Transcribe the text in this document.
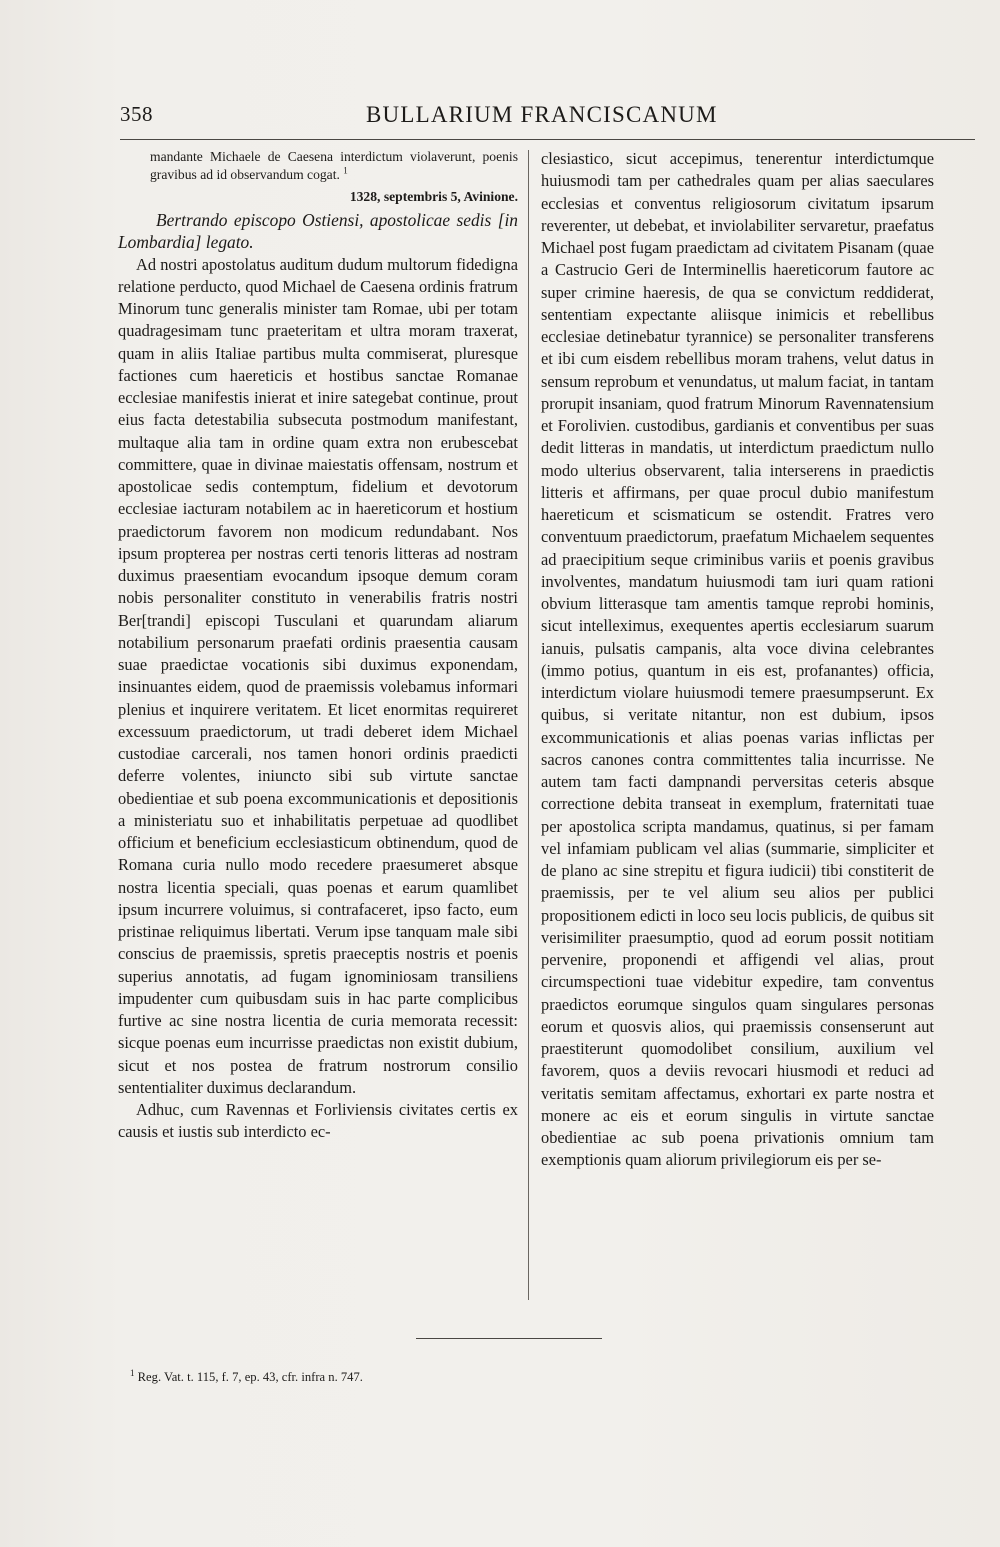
358	BULLARIUM FRANCISCANUM

mandante Michaele de Caesena interdictum violaverunt, poenis gravibus ad id observandum cogat. $^1$

1328, septembris 5, Avinione.

Bertrando episcopo Ostiensi, apostolicae sedis [in Lombardia] legato.

Ad nostri apostolatus auditum dudum multorum fidedigna relatione perducto, quod Michael de Caesena ordinis fratrum Minorum tunc generalis minister tam Romae, ubi per totam quadragesimam tunc praeteritam et ultra moram traxerat, quam in aliis Italiae partibus multa commiserat, pluresque factiones cum haereticis et hostibus sanctae Romanae ecclesiae manifestis inierat et inire sategebat continue, prout eius facta detestabilia subsecuta postmodum manifestant, multaque alia tam in ordine quam extra non erubescebat committere, quae in divinae maiestatis offensam, nostrum et apostolicae sedis contemptum, fidelium et devotorum ecclesiae iacturam notabilem ac in haereticorum et hostium praedictorum favorem non modicum redundabant. Nos ipsum propterea per nostras certi tenoris litteras ad nostram duximus praesentiam evocandum ipsoque demum coram nobis personaliter constituto in venerabilis fratris nostri Ber[trandi] episcopi Tusculani et quarundam aliarum notabilium personarum praefati ordinis praesentia causam suae praedictae vocationis sibi duximus exponendam, insinuantes eidem, quod de praemissis volebamus informari plenius et inquirere veritatem. Et licet enormitas requireret excessuum praedictorum, ut tradi deberet idem Michael custodiae carcerali, nos tamen honori ordinis praedicti deferre volentes, iniuncto sibi sub virtute sanctae obedientiae et sub poena excommunicationis et depositionis a ministeriatu suo et inhabilitatis perpetuae ad quodlibet officium et beneficium ecclesiasticum obtinendum, quod de Romana curia nullo modo recedere praesumeret absque nostra licentia speciali, quas poenas et earum quamlibet ipsum incurrere voluimus, si contrafaceret, ipso facto, eum pristinae reliquimus libertati. Verum ipse tanquam male sibi conscius de praemissis, spretis praeceptis nostris et poenis superius annotatis, ad fugam ignominiosam transiliens impudenter cum quibusdam suis in hac parte complicibus furtive ac sine nostra licentia de curia memorata recessit: sicque poenas eum incurrisse praedictas non existit dubium, sicut et nos postea de fratrum nostrorum consilio sententialiter duximus declarandum.

Adhuc, cum Ravennas et Forliviensis civitates certis ex causis et iustis sub interdicto ec-

clesiastico, sicut accepimus, tenerentur interdictumque huiusmodi tam per cathedrales quam per alias saeculares ecclesias et conventus religiosorum civitatum ipsarum reverenter, ut debebat, et inviolabiliter servaretur, praefatus Michael post fugam praedictam ad civitatem Pisanam (quae a Castrucio Geri de Interminellis haereticorum fautore ac super crimine haeresis, de qua se convictum reddiderat, sententiam expectante aliisque inimicis et rebellibus ecclesiae detinebatur tyrannice) se personaliter transferens et ibi cum eisdem rebellibus moram trahens, velut datus in sensum reprobum et venundatus, ut malum faciat, in tantam prorupit insaniam, quod fratrum Minorum Ravennatensium et Forolivien. custodibus, gardianis et conventibus per suas dedit litteras in mandatis, ut interdictum praedictum nullo modo ulterius observarent, talia interserens in praedictis litteris et affirmans, per quae procul dubio manifestum haereticum et scismaticum se ostendit. Fratres vero conventuum praedictorum, praefatum Michaelem sequentes ad praecipitium seque criminibus variis et poenis gravibus involventes, mandatum huiusmodi tam iuri quam rationi obvium litterasque tam amentis tamque reprobi hominis, sicut intelleximus, exequentes apertis ecclesiarum suarum ianuis, pulsatis campanis, alta voce divina celebrantes (immo potius, quantum in eis est, profanantes) officia, interdictum violare huiusmodi temere praesumpserunt. Ex quibus, si veritate nitantur, non est dubium, ipsos excommunicationis et alias poenas varias inflictas per sacros canones contra committentes talia incurrisse. Ne autem tam facti dampnandi perversitas ceteris absque correctione debita transeat in exemplum, fraternitati tuae per apostolica scripta mandamus, quatinus, si per famam vel infamiam publicam vel alias (summarie, simpliciter et de plano ac sine strepitu et figura iudicii) tibi constiterit de praemissis, per te vel alium seu alios per publici propositionem edicti in loco seu locis publicis, de quibus sit verisimiliter praesumptio, quod ad eorum possit notitiam pervenire, proponendi et affigendi vel alias, prout circumspectioni tuae videbitur expedire, tam conventus praedictos eorumque singulos quam singulares personas eorum et quosvis alios, qui praemissis consenserunt aut praestiterunt quomodolibet consilium, auxilium vel favorem, quos a deviis revocari hiusmodi et reduci ad veritatis semitam affectamus, exhortari ex parte nostra et monere ac eis et eorum singulis in virtute sanctae obedientiae ac sub poena privationis omnium tam exemptionis quam aliorum privilegiorum eis per se-

$^1$ Reg. Vat. t. 115, f. 7, ep. 43, cfr. infra n. 747.
